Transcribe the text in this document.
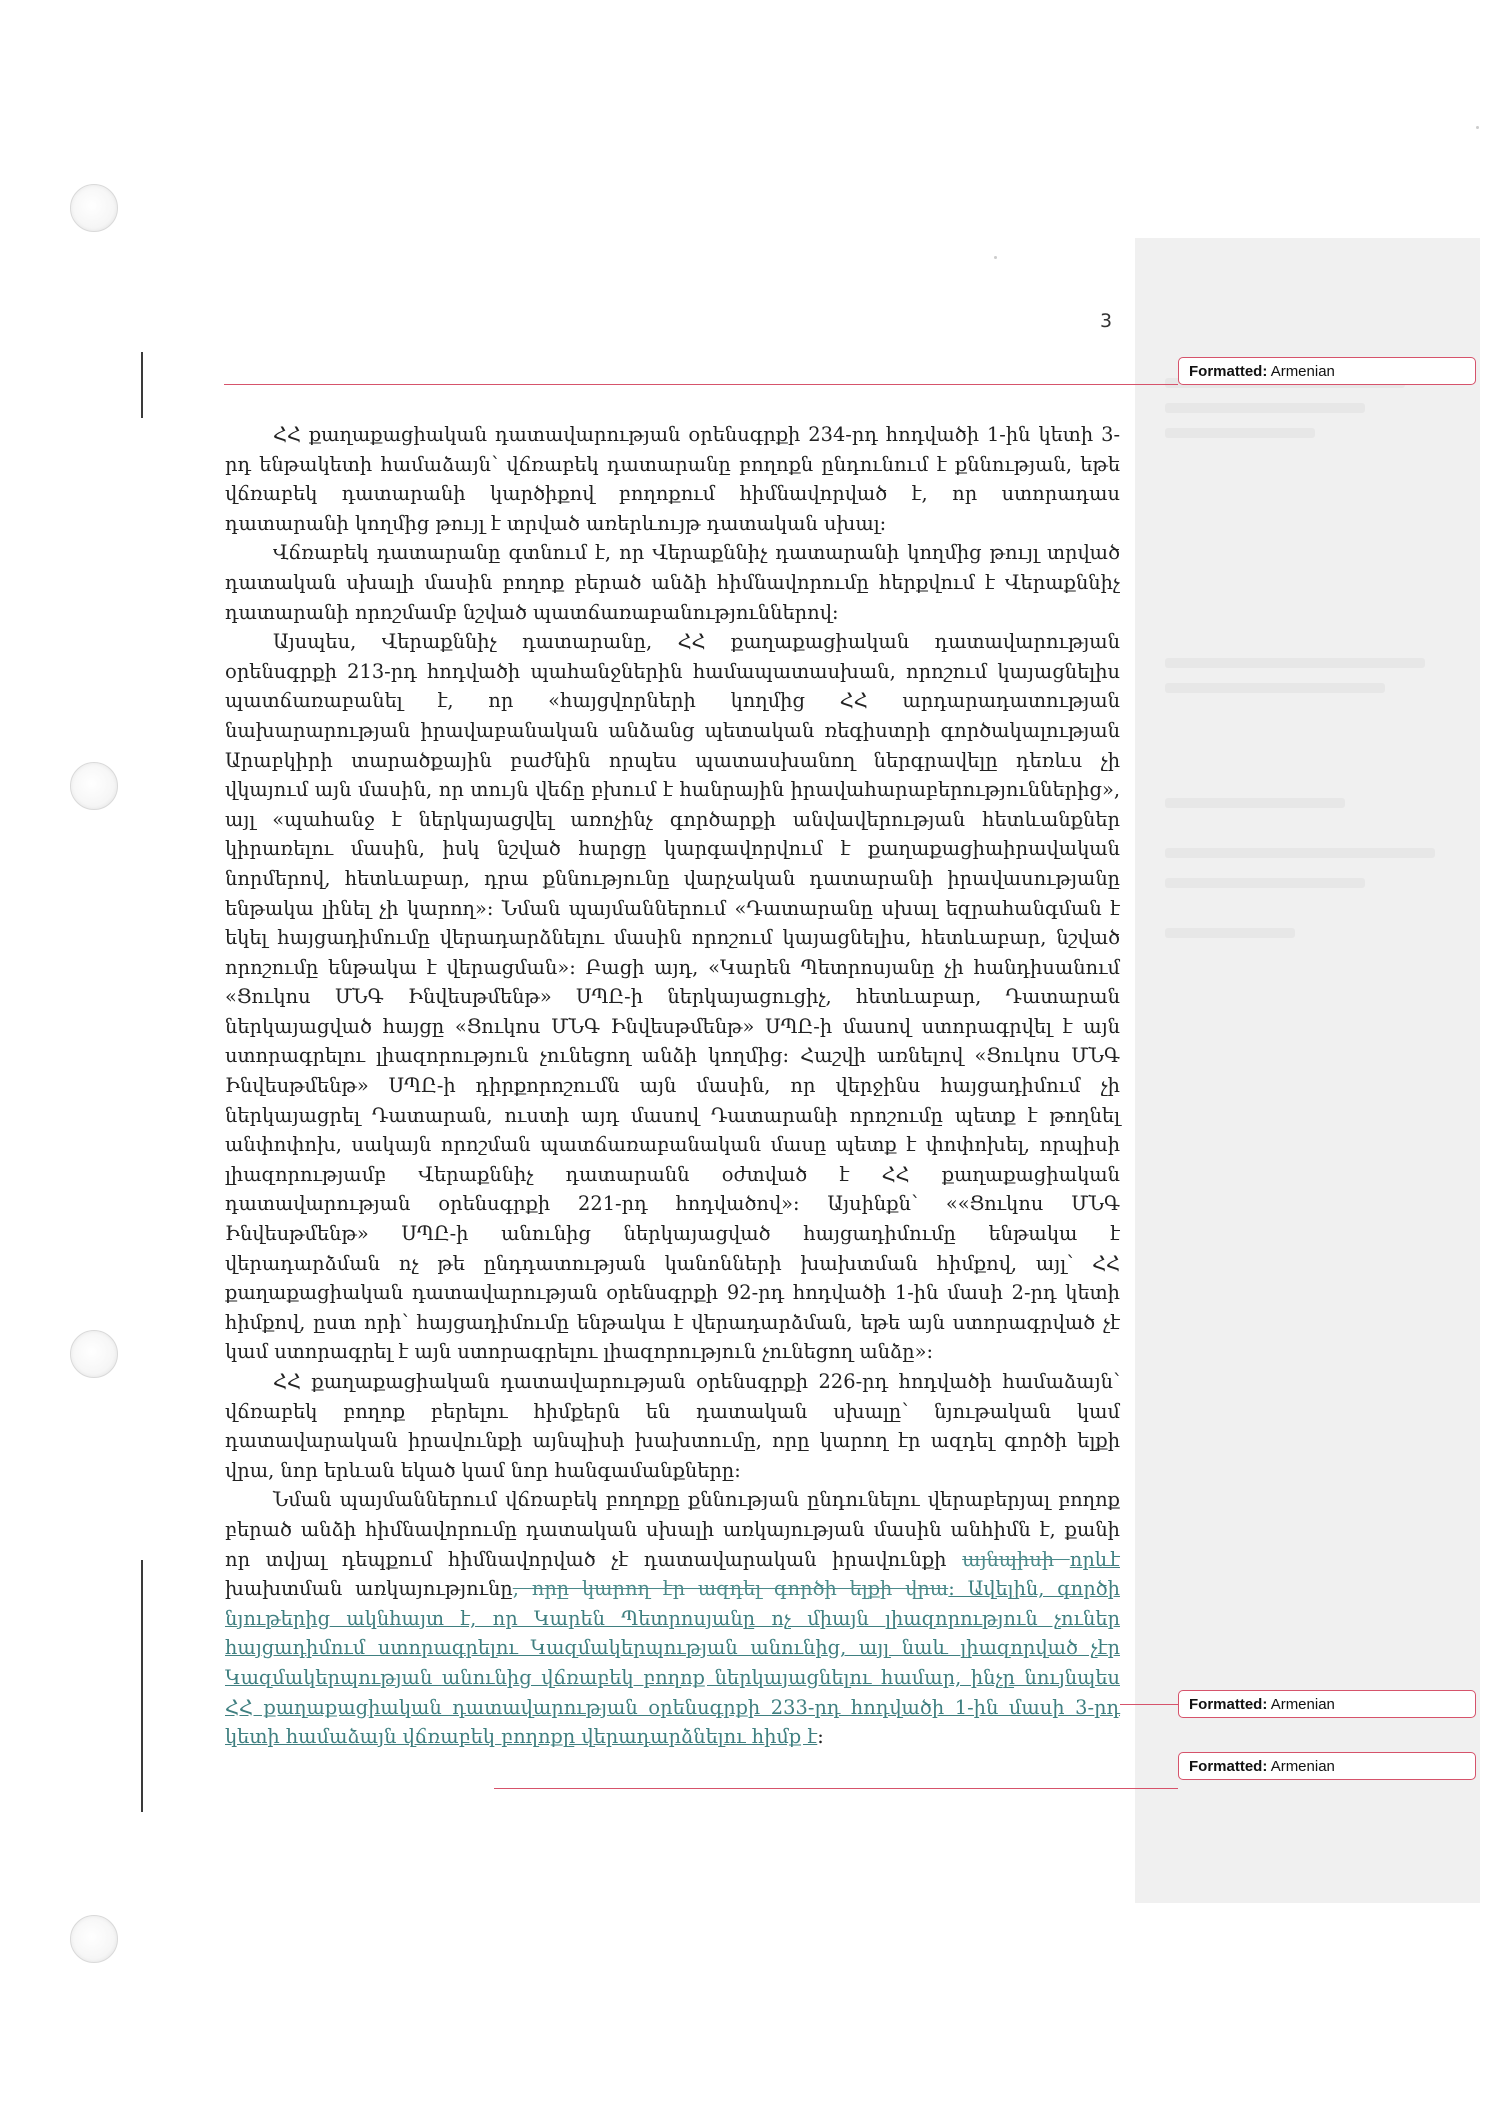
3
Formatted: Armenian
Formatted: Armenian
Formatted: Armenian

ՀՀ քաղաքացիական դատավարության օրենսգրքի 234-րդ հոդվածի 1-ին կետի 3-րդ ենթակետի համաձայն՝ վճռաբեկ դատարանը բողոքն ընդունում է քննության, եթե վճռաբեկ դատարանի կարծիքով բողոքում հիմնավորված է, որ ստորադաս դատարանի կողմից թույլ է տրված առերևույթ դատական սխալ:

Վճռաբեկ դատարանը գտնում է, որ Վերաքննիչ դատարանի կողմից թույլ տրված դատական սխալի մասին բողոք բերած անձի հիմնավորումը հերքվում է Վերաքննիչ դատարանի որոշմամբ նշված պատճառաբանություններով:

Այսպես, Վերաքննիչ դատարանը, ՀՀ քաղաքացիական դատավարության օրենսգրքի 213-րդ հոդվածի պահանջներին համապատասխան, որոշում կայացնելիս պատճառաբանել է, որ «հայցվորների կողմից ՀՀ արդարադատության նախարարության իրավաբանական անձանց պետական ռեգիստրի գործակալության Արաբկիրի տարածքային բաժնին որպես պատասխանող ներգրավելը դեռևս չի վկայում այն մասին, որ տույն վեճը բխում է հանրային իրավահարաբերություններից», այլ «պահանջ է ներկայացվել առոչինչ գործարքի անվավերության հետևանքներ կիրառելու մասին, իսկ նշված հարցը կարգավորվում է քաղաքացիաիրավական նորմերով, հետևաբար, դրա քննությունը վարչական դատարանի իրավասությանը ենթակա լինել չի կարող»: Նման պայմաններում «Դատարանը սխալ եզրահանգման է եկել հայցադիմումը վերադարձնելու մասին որոշում կայացնելիս, հետևաբար, նշված որոշումը ենթակա է վերացման»: Բացի այդ, «Կարեն Պետրոսյանը չի հանդիսանում «Ցուկոս ՄՆԳ Ինվեսթմենթ» ՍՊԸ-ի ներկայացուցիչ, հետևաբար, Դատարան ներկայացված հայցը «Ցուկոս ՄՆԳ Ինվեսթմենթ» ՍՊԸ-ի մասով ստորագրվել է այն ստորագրելու լիազորություն չունեցող անձի կողմից: Հաշվի առնելով «Ցուկոս ՄՆԳ Ինվեսթմենթ» ՍՊԸ-ի դիրքորոշումն այն մասին, որ վերջինս հայցադիմում չի ներկայացրել Դատարան, ուստի այդ մասով Դատարանի որոշումը պետք է թողնել անփոփոխ, սակայն որոշման պատճառաբանական մասը պետք է փոփոխել, որպիսի լիազորությամբ Վերաքննիչ դատարանն օժտված է ՀՀ քաղաքացիական դատավարության օրենսգրքի 221-րդ հոդվածով»: Այսինքն՝ ««Ցուկոս ՄՆԳ Ինվեսթմենթ» ՍՊԸ-ի անունից ներկայացված հայցադիմումը ենթակա է վերադարձման ոչ թե ընդդատության կանոնների խախտման հիմքով, այլ՝ ՀՀ քաղաքացիական դատավարության օրենսգրքի 92-րդ հոդվածի 1-ին մասի 2-րդ կետի հիմքով, ըստ որի՝ հայցադիմումը ենթակա է վերադարձման, եթե այն ստորագրված չէ կամ ստորագրել է այն ստորագրելու լիազորություն չունեցող անձը»:

ՀՀ քաղաքացիական դատավարության օրենսգրքի 226-րդ հոդվածի համաձայն՝ վճռաբեկ բողոք բերելու հիմքերն են դատական սխալը՝ նյութական կամ դատավարական իրավունքի այնպիսի խախտումը, որը կարող էր ազդել գործի ելքի վրա, նոր երևան եկած կամ նոր հանգամանքները:

Նման պայմաններում վճռաբեկ բողոքը քննության ընդունելու վերաբերյալ բողոք բերած անձի հիմնավորումը դատական սխալի առկայության մասին անհիմն է, քանի որ տվյալ դեպքում հիմնավորված չէ դատավարական իրավունքի այնպիսի որևէ խախտման առկայությունը, որը կարող էր ազդել գործի ելքի վրա: Ավելին, գործի նյութերից ակնհայտ է, որ Կարեն Պետրոսյանը ոչ միայն լիազորություն չուներ հայցադիմում ստորագրելու Կազմակերպության անունից, այլ նաև լիազորված չէր Կազմակերպության անունից վճռաբեկ բողոք ներկայացնելու համար, ինչը նույնպես ՀՀ քաղաքացիական դատավարության օրենսգրքի 233-րդ հոդվածի 1-ին մասի 3-րդ կետի համաձայն վճռաբեկ բողոքը վերադարձնելու հիմք է:
